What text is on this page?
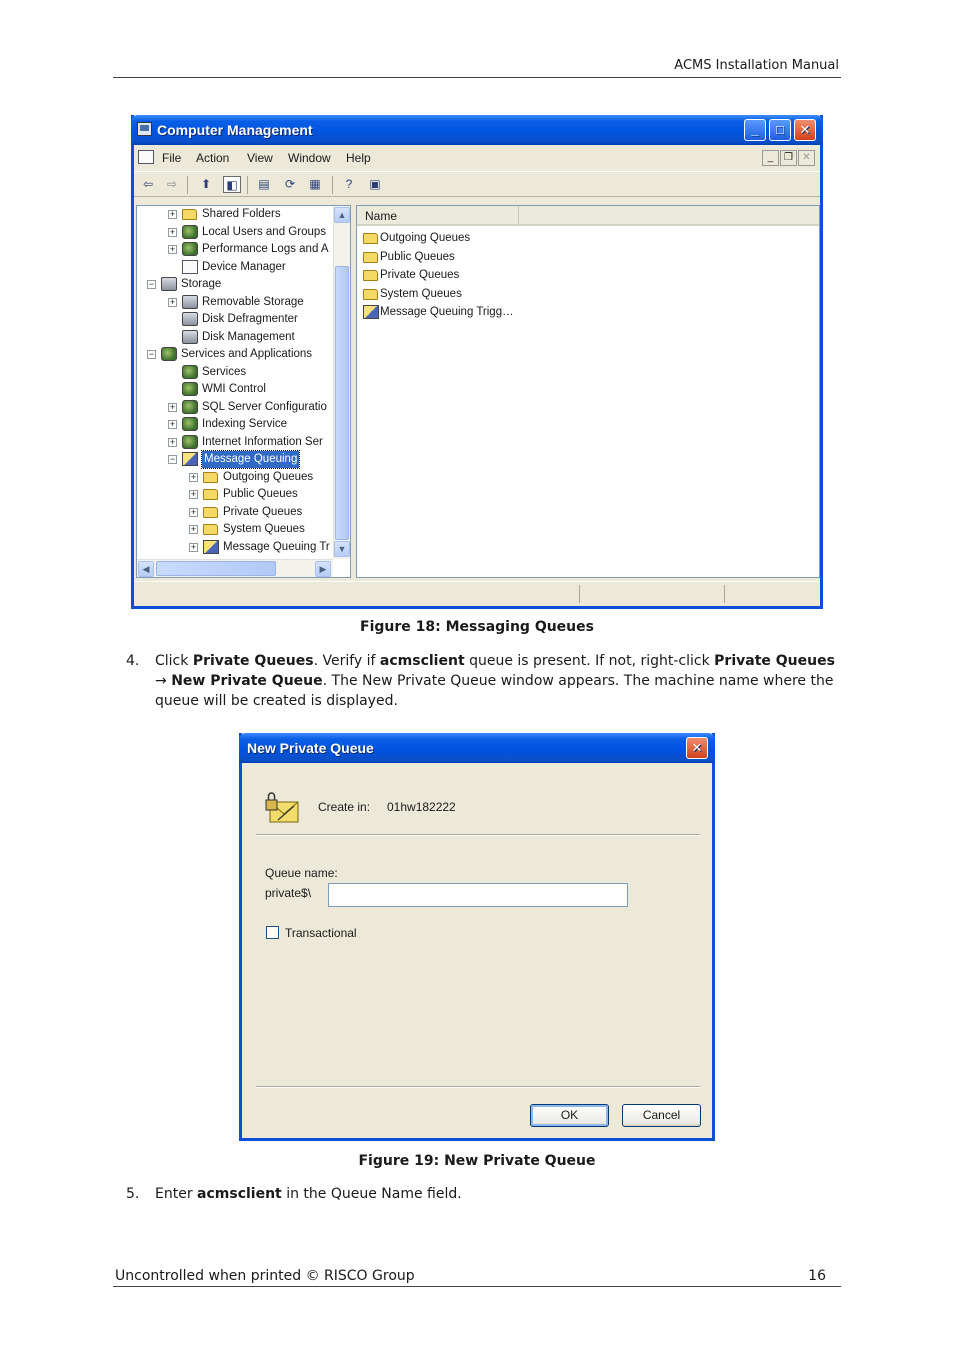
ACMS Installation Manual
Computer Management	_	□	✕
File Action View Window Help	_	❐ ✕
⇦	⇨	⬆	◧ ▤	⟳	▦	?	▣
+ Shared Folders
+ Local Users and Groups
+ Performance Logs and A
Device Manager
− Storage
+ Removable Storage
Disk Defragmenter
Disk Management
− Services and Applications
Services
WMI Control
+ SQL Server Configuratio
+ Indexing Service
+ Internet Information Ser
−	Message Queuing
+ Outgoing Queues
+ Public Queues
+ Private Queues
+ System Queues
+ Message Queuing Tr
▲
▼
◀	▶
Name
Outgoing Queues
Public Queues
Private Queues
System Queues
Message Queuing Trigg…
Figure 18: Messaging Queues
4. Click Private Queues. Verify if acmsclient queue is present. If not, right-click Private Queues → New Private Queue. The New Private Queue window appears. The machine name where the queue will be created is displayed.
New Private Queue	✕
Create in: 01hw182222
Queue name:
private$\
Transactional
OK	Cancel
Figure 19: New Private Queue
5. Enter acmsclient in the Queue Name field.
Uncontrolled when printed © RISCO Group	16
